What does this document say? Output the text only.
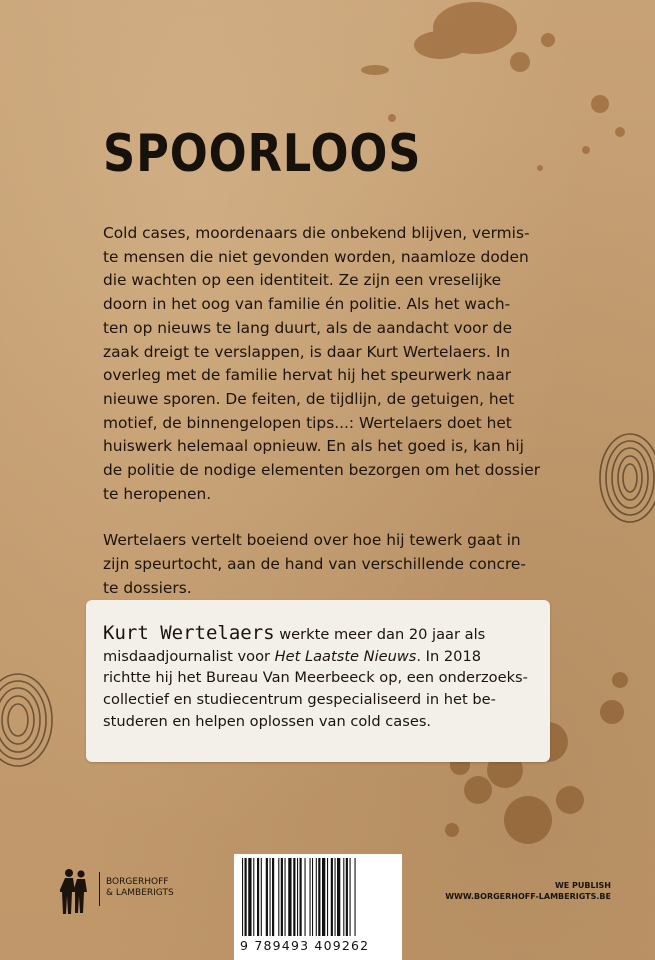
SPOORLOOS

Cold cases, moordenaars die onbekend blijven, vermis-
te mensen die niet gevonden worden, naamloze doden
die wachten op een identiteit. Ze zijn een vreselijke
doorn in het oog van familie én politie. Als het wach-
ten op nieuws te lang duurt, als de aandacht voor de
zaak dreigt te verslappen, is daar Kurt Wertelaers. In
overleg met de familie hervat hij het speurwerk naar
nieuwe sporen. De feiten, de tijdlijn, de getuigen, het
motief, de binnengelopen tips...: Wertelaers doet het
huiswerk helemaal opnieuw. En als het goed is, kan hij
de politie de nodige elementen bezorgen om het dossier
te heropenen.

Wertelaers vertelt boeiend over hoe hij tewerk gaat in
zijn speurtocht, aan de hand van verschillende concre-
te dossiers.

Kurt Wertelaers werkte meer dan 20 jaar als
misdaadjournalist voor Het Laatste Nieuws. In 2018
richtte hij het Bureau Van Meerbeeck op, een onderzoeks-
collectief en studiecentrum gespecialiseerd in het be-
studeren en helpen oplossen van cold cases.
BORGERHOFF
& LAMBERIGTS
9 789493 409262
WE PUBLISH
WWW.BORGERHOFF-LAMBERIGTS.BE
